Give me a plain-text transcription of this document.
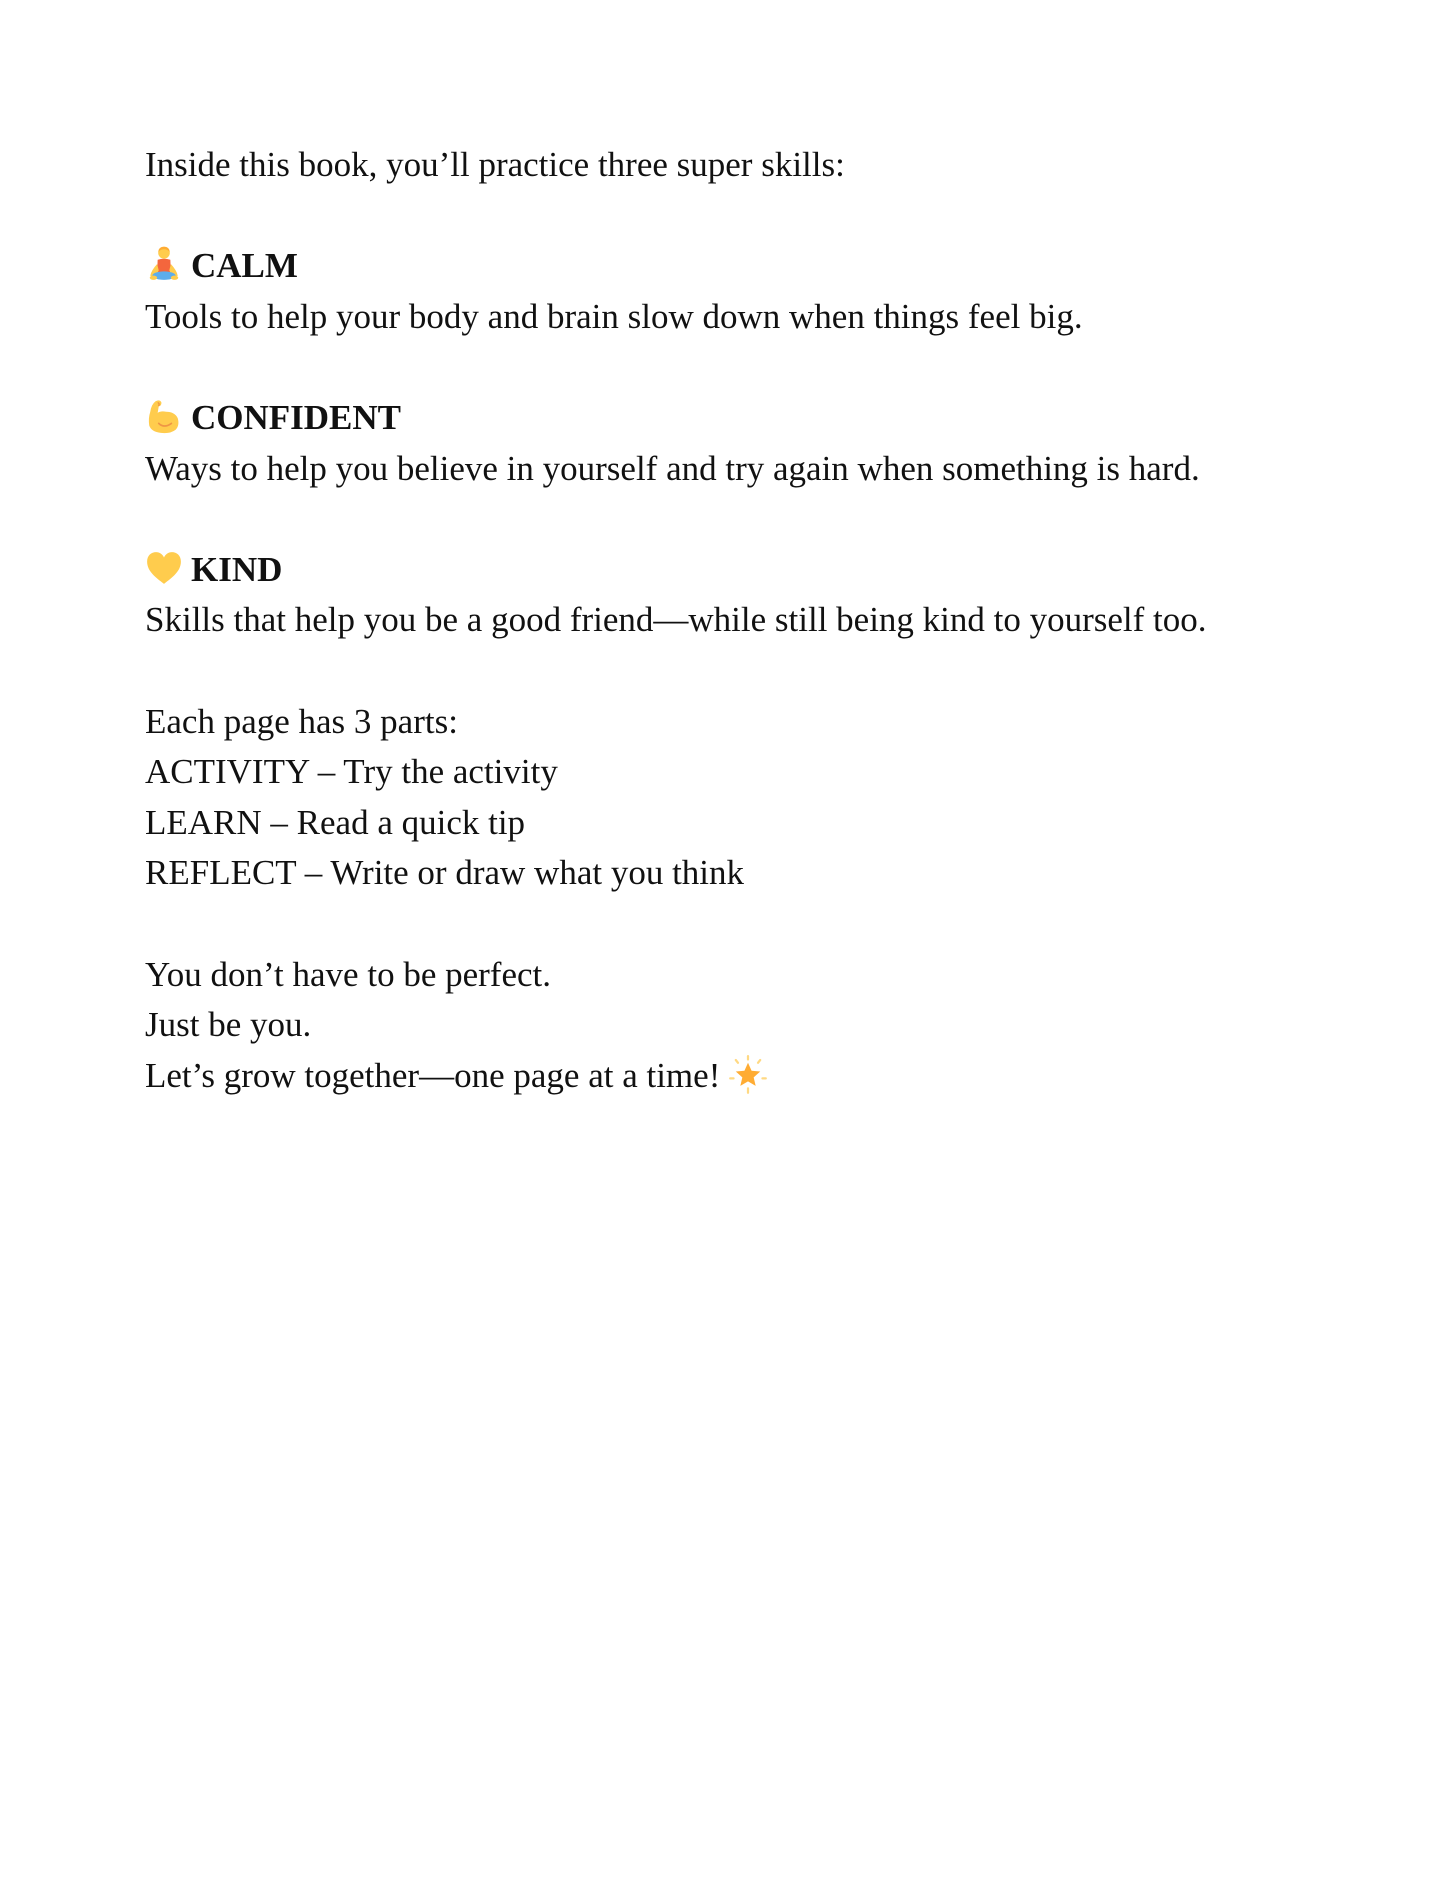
Inside this book, you’ll practice three super skills:
CALM
Tools to help your body and brain slow down when things feel big.
CONFIDENT
Ways to help you believe in yourself and try again when something is hard.
KIND
Skills that help you be a good friend—while still being kind to yourself too.
Each page has 3 parts:
ACTIVITY – Try the activity
LEARN – Read a quick tip
REFLECT – Write or draw what you think
You don’t have to be perfect.
Just be you.
Let’s grow together—one page at a time!
